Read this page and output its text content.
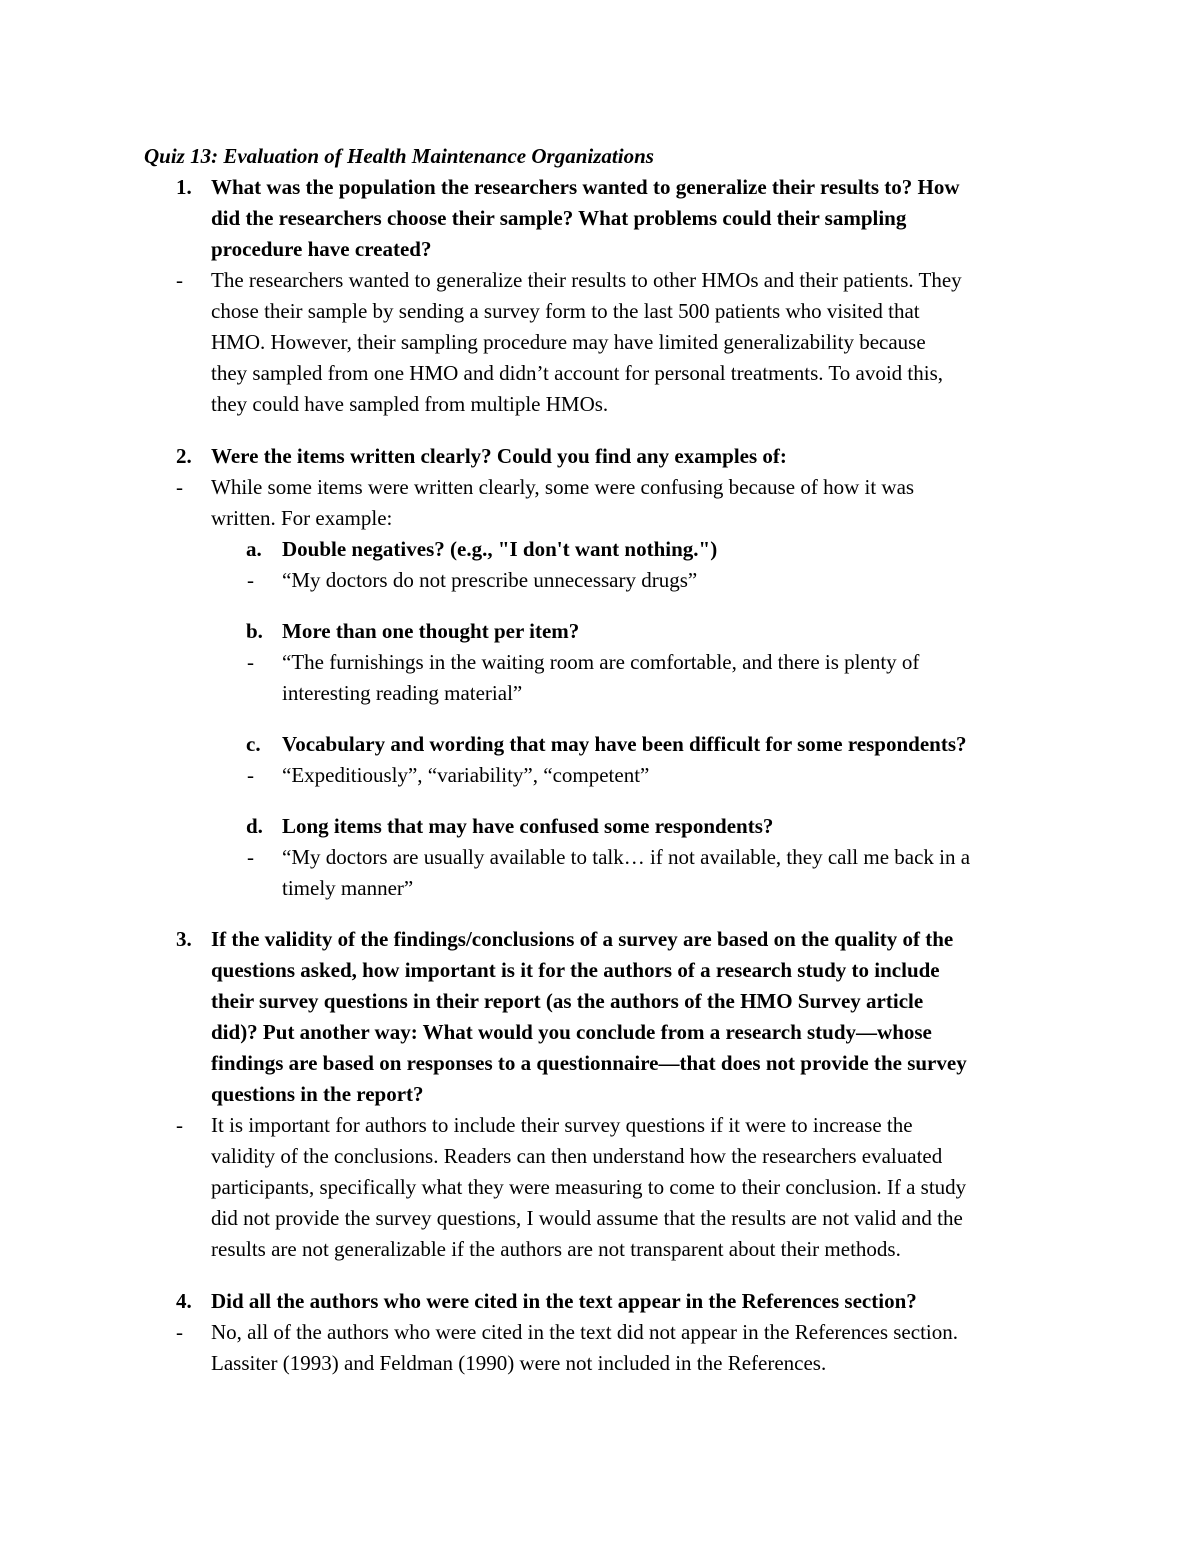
Quiz 13: Evaluation of Health Maintenance Organizations
1. What was the population the researchers wanted to generalize their results to? How
did the researchers choose their sample? What problems could their sampling
procedure have created?
- The researchers wanted to generalize their results to other HMOs and their patients. They
chose their sample by sending a survey form to the last 500 patients who visited that
HMO. However, their sampling procedure may have limited generalizability because
they sampled from one HMO and didn’t account for personal treatments. To avoid this,
they could have sampled from multiple HMOs.
2. Were the items written clearly? Could you find any examples of:
- While some items were written clearly, some were confusing because of how it was
written. For example:
a. Double negatives? (e.g., "I don't want nothing.")
- “My doctors do not prescribe unnecessary drugs”
b. More than one thought per item?
- “The furnishings in the waiting room are comfortable, and there is plenty of
interesting reading material”
c. Vocabulary and wording that may have been difficult for some respondents?
- “Expeditiously”, “variability”, “competent”
d. Long items that may have confused some respondents?
- “My doctors are usually available to talk… if not available, they call me back in a
timely manner”
3. If the validity of the findings/conclusions of a survey are based on the quality of the
questions asked, how important is it for the authors of a research study to include
their survey questions in their report (as the authors of the HMO Survey article
did)? Put another way: What would you conclude from a research study—whose
findings are based on responses to a questionnaire—that does not provide the survey
questions in the report?
- It is important for authors to include their survey questions if it were to increase the
validity of the conclusions. Readers can then understand how the researchers evaluated
participants, specifically what they were measuring to come to their conclusion. If a study
did not provide the survey questions, I would assume that the results are not valid and the
results are not generalizable if the authors are not transparent about their methods.
4. Did all the authors who were cited in the text appear in the References section?
- No, all of the authors who were cited in the text did not appear in the References section.
Lassiter (1993) and Feldman (1990) were not included in the References.
